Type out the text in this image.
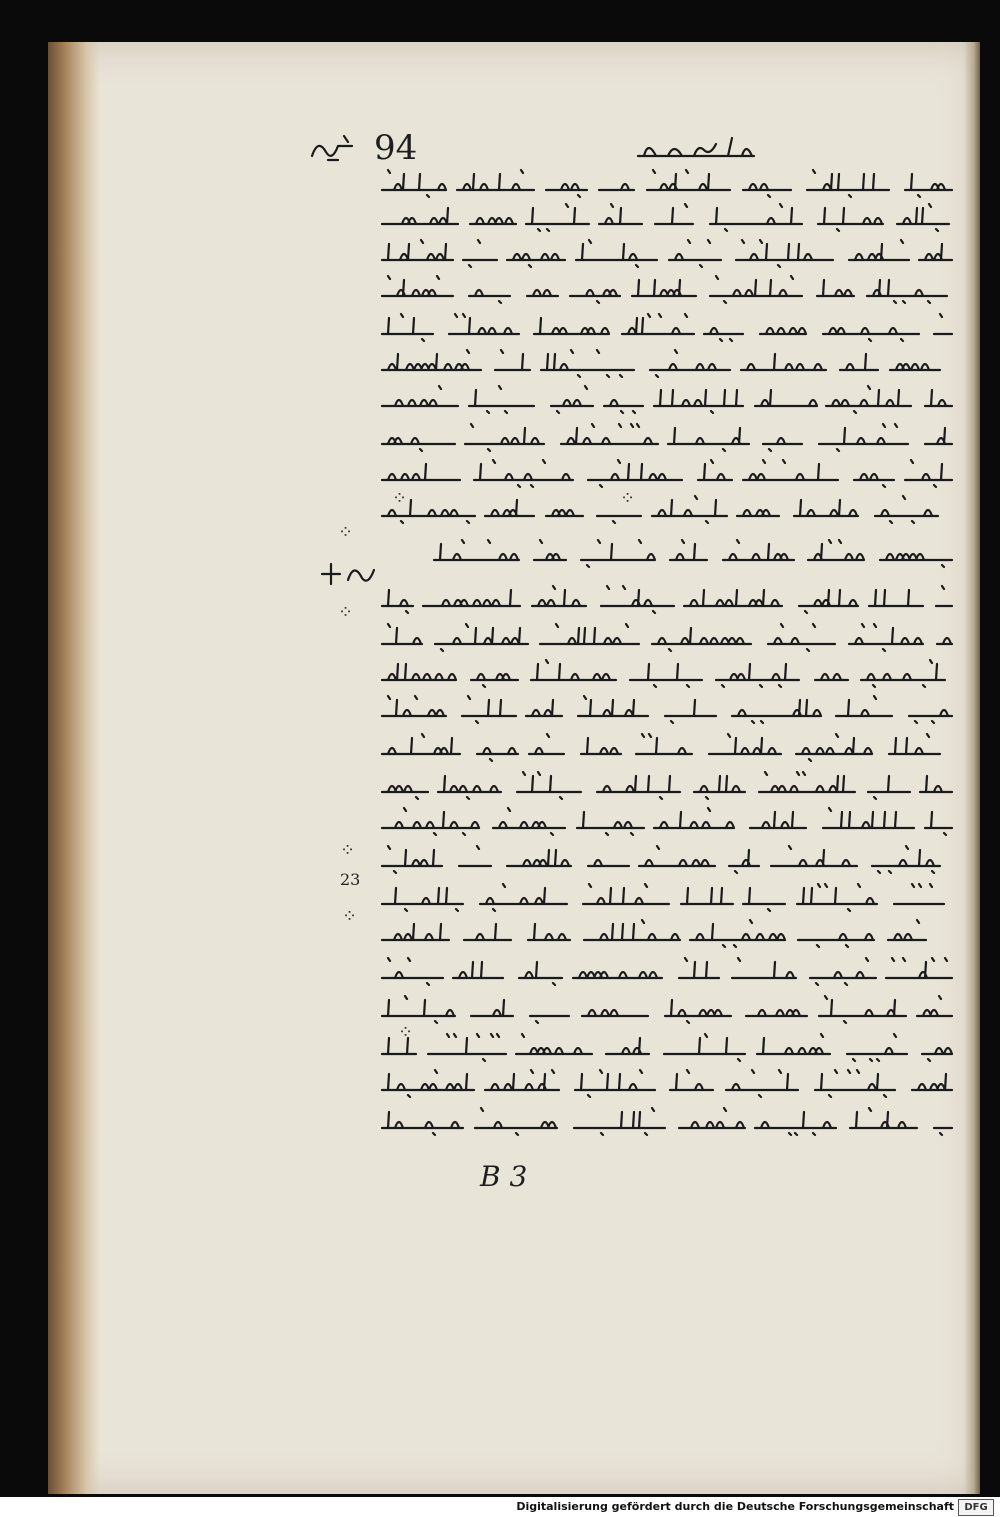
94
23
B 3
⁘
⁘
⁘
⁘
⁘	⁘
⁘
Digitalisierung gefördert durch die Deutsche Forschungsgemeinschaft	DFG
